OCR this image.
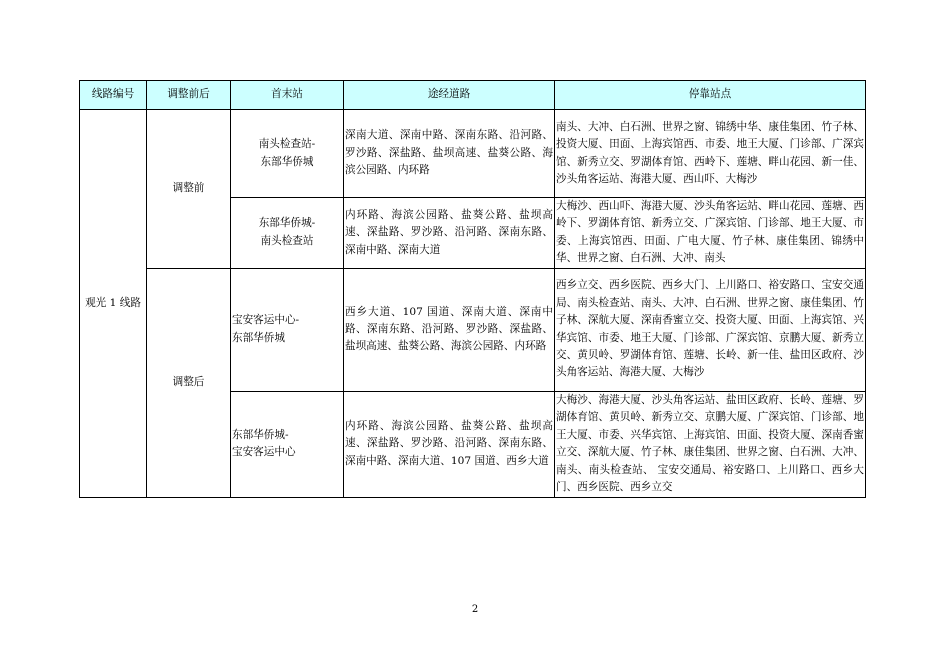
线路编号	调整前后	首末站	途经道路	停靠站点
观光 1 线路	调整前	南头检查站-
东部华侨城	深南大道、深南中路、深南东路、沿河路、罗沙路、深盐路、盐坝高速、盐葵公路、海滨公园路、内环路	南头、大冲、白石洲、世界之窗、锦绣中华、康佳集团、竹子林、投资大厦、田面、上海宾馆西、市委、地王大厦、门诊部、广深宾馆、新秀立交、罗湖体育馆、西岭下、莲塘、畔山花园、新一佳、沙头角客运站、海港大厦、西山吓、大梅沙
		东部华侨城-
南头检查站	内环路、海滨公园路、盐葵公路、盐坝高速、深盐路、罗沙路、沿河路、深南东路、深南中路、深南大道	大梅沙、西山吓、海港大厦、沙头角客运站、畔山花园、莲塘、西岭下、罗湖体育馆、新秀立交、广深宾馆、门诊部、地王大厦、市委、上海宾馆西、田面、广电大厦、竹子林、康佳集团、锦绣中华、世界之窗、白石洲、大冲、南头
	调整后	宝安客运中心-
东部华侨城	西乡大道、107 国道、深南大道、深南中路、深南东路、沿河路、罗沙路、深盐路、盐坝高速、盐葵公路、海滨公园路、内环路	西乡立交、西乡医院、西乡大门、上川路口、裕安路口、宝安交通局、南头检查站、南头、大冲、白石洲、世界之窗、康佳集团、竹子林、深航大厦、深南香蜜立交、投资大厦、田面、上海宾馆、兴华宾馆、市委、地王大厦、门诊部、广深宾馆、京鹏大厦、新秀立交、黄贝岭、罗湖体育馆、莲塘、长岭、新一佳、盐田区政府、沙头角客运站、海港大厦、大梅沙
		东部华侨城-
宝安客运中心	内环路、海滨公园路、盐葵公路、盐坝高速、深盐路、罗沙路、沿河路、深南东路、深南中路、深南大道、107 国道、西乡大道	大梅沙、海港大厦、沙头角客运站、盐田区政府、长岭、莲塘、罗湖体育馆、黄贝岭、新秀立交、京鹏大厦、广深宾馆、门诊部、地王大厦、市委、兴华宾馆、上海宾馆、田面、投资大厦、深南香蜜立交、深航大厦、竹子林、康佳集团、世界之窗、白石洲、大冲、南头、南头检查站、 宝安交通局、裕安路口、上川路口、西乡大门、西乡医院、西乡立交
2
